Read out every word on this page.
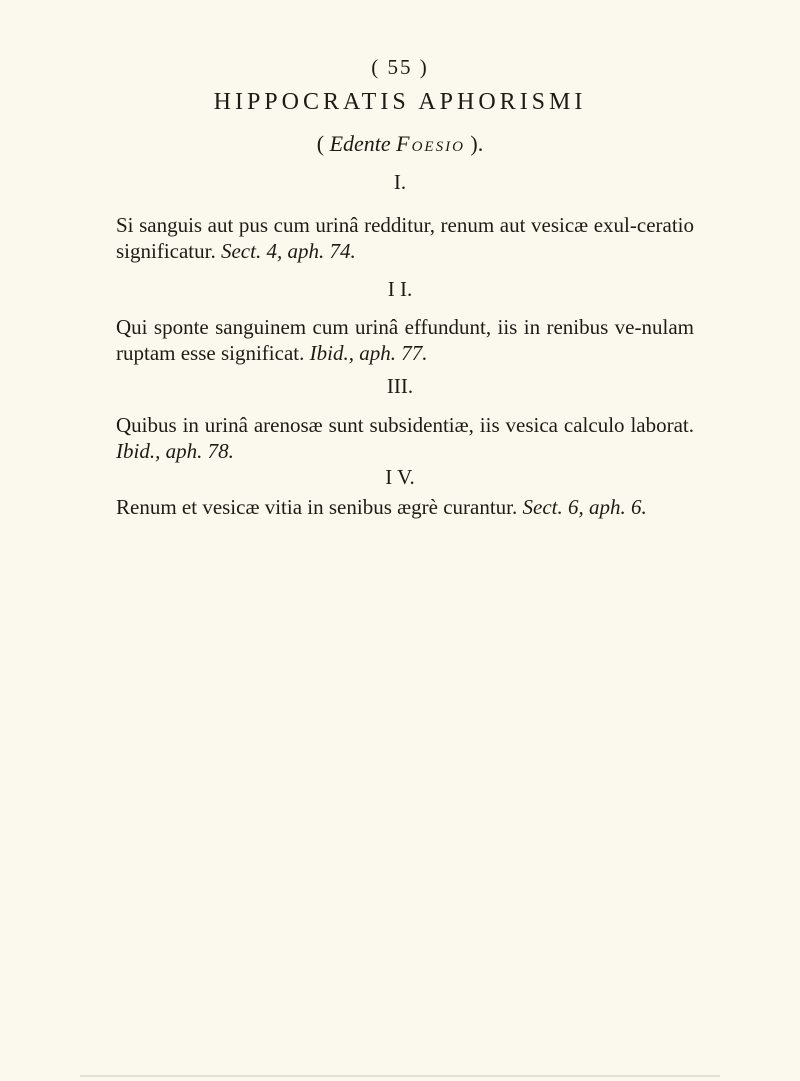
( 55 )
HIPPOCRATIS APHORISMI
( Edente Foesio ).
I.

Si sanguis aut pus cum urinâ redditur, renum aut vesicæ exul-ceratio significatur. Sect. 4, aph. 74.

I I.

Qui sponte sanguinem cum urinâ effundunt, iis in renibus ve-nulam ruptam esse significat. Ibid., aph. 77.

III.

Quibus in urinâ arenosæ sunt subsidentiæ, iis vesica calculo laborat. Ibid., aph. 78.

I V.

Renum et vesicæ vitia in senibus ægrè curantur. Sect. 6, aph. 6.
